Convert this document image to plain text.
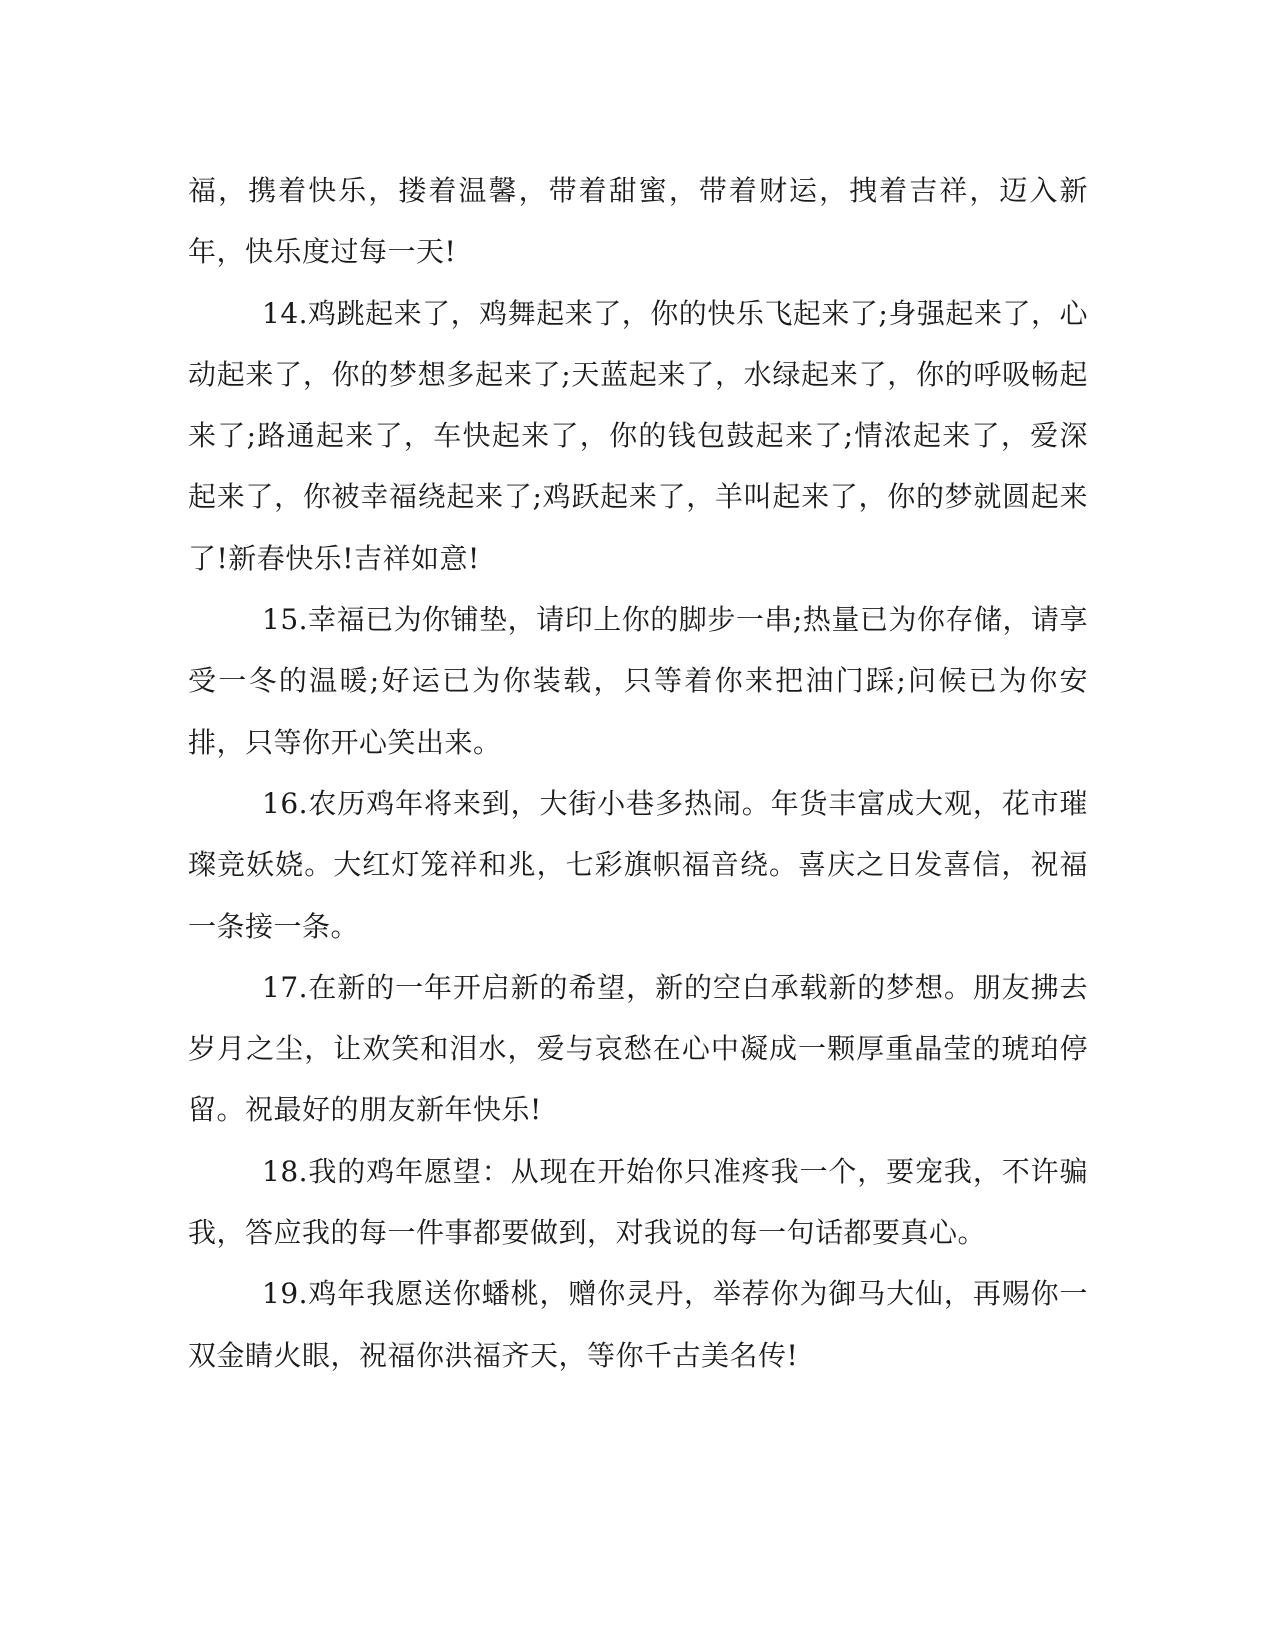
福，携着快乐，搂着温馨，带着甜蜜，带着财运，拽着吉祥，迈入新年，快乐度过每一天!

14.鸡跳起来了，鸡舞起来了，你的快乐飞起来了;身强起来了，心动起来了，你的梦想多起来了;天蓝起来了，水绿起来了，你的呼吸畅起来了;路通起来了，车快起来了，你的钱包鼓起来了;情浓起来了，爱深起来了，你被幸福绕起来了;鸡跃起来了，羊叫起来了，你的梦就圆起来了!新春快乐!吉祥如意!

15.幸福已为你铺垫，请印上你的脚步一串;热量已为你存储，请享受一冬的温暖;好运已为你装载，只等着你来把油门踩;问候已为你安排，只等你开心笑出来。

16.农历鸡年将来到，大街小巷多热闹。年货丰富成大观，花市璀璨竞妖娆。大红灯笼祥和兆，七彩旗帜福音绕。喜庆之日发喜信，祝福一条接一条。

17.在新的一年开启新的希望，新的空白承载新的梦想。朋友拂去岁月之尘，让欢笑和泪水，爱与哀愁在心中凝成一颗厚重晶莹的琥珀停留。祝最好的朋友新年快乐!

18.我的鸡年愿望：从现在开始你只准疼我一个，要宠我，不许骗我，答应我的每一件事都要做到，对我说的每一句话都要真心。

19.鸡年我愿送你蟠桃，赠你灵丹，举荐你为御马大仙，再赐你一双金睛火眼，祝福你洪福齐天，等你千古美名传!
